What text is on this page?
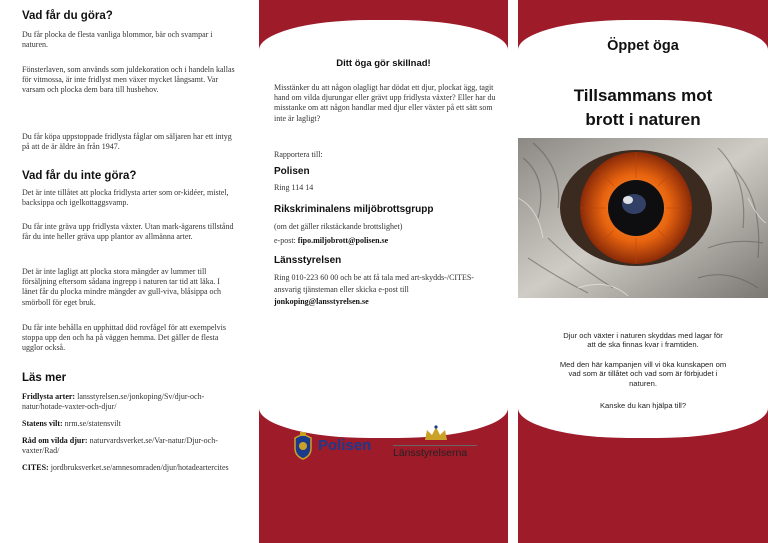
Vad får du göra?

Du får plocka de flesta vanliga blommor, bär och svampar i naturen.

Fönsterlaven, som används som juldekoration och i handeln kallas för vitmossa, är inte fridlyst men växer mycket långsamt. Var varsam och plocka dem bara till husbehov.

Du får köpa uppstoppade fridlysta fåglar om säljaren har ett intyg på att de är äldre än från 1947.

Vad får du inte göra?

Det är inte tillåtet att plocka fridlysta arter som or-kidéer, mistel, backsippa och igelkottaggsvamp.

Du får inte gräva upp fridlysta växter. Utan mark-ägarens tillstånd får du inte heller gräva upp plantor av allmänna arter.

Det är inte lagligt att plocka stora mängder av lummer till försäljning eftersom sådana ingrepp i naturen tar tid att läka. I länet får du plocka mindre mängder av gull-viva, blåsippa och smörboll för eget bruk.

Du får inte behålla en upphittad död rovfågel för att exempelvis stoppa upp den och ha på väggen hemma. Det gäller de flesta ugglor också.

Läs mer

Fridlysta arter: lansstyrelsen.se/jonkoping/Sv/djur-och-natur/hotade-vaxter-och-djur/

Statens vilt: nrm.se/statensvilt

Råd om vilda djur: naturvardsverket.se/Var-natur/Djur-och-vaxter/Rad/

CITES: jordbruksverket.se/amnesomraden/djur/hotadeartercites

Ditt öga gör skillnad!

Misstänker du att någon olagligt har dödat ett djur, plockat ägg, tagit hand om vilda djurungar eller grävt upp fridlysta växter? Eller har du misstanke om att någon handlar med djur eller växter på ett sätt som inte är lagligt?

Rapportera till:

Polisen

Ring 114 14

Rikskriminalens miljöbrottsgrupp

(om det gäller rikstäckande brottslighet)

e-post: fipo.miljobrott@polisen.se

Länsstyrelsen

Ring 010-223 60 00 och be att få tala med art-skydds-/CITES-ansvarig tjänsteman eller skicka e-post till jonkoping@lansstyrelsen.se

Polisen Länsstyrelserna
Öppet öga
Tillsammans mot
brott i naturen

Djur och växter i naturen skyddas med lagar för att de ska finnas kvar i framtiden.

Med den här kampanjen vill vi öka kunskapen om vad som är tillåtet och vad som är förbjudet i naturen.

Kanske du kan hjälpa till?
